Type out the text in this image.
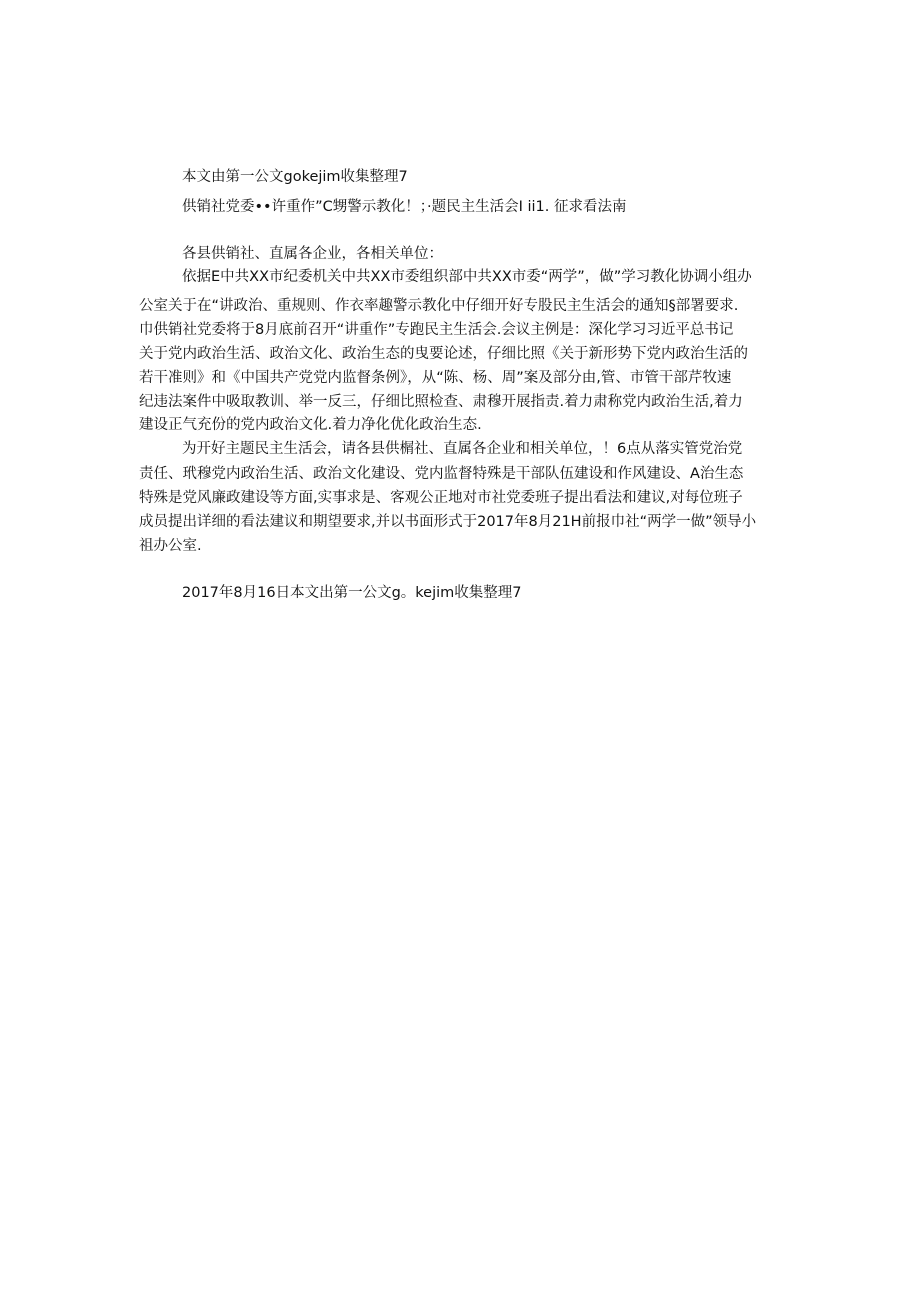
本文由第一公文gokejim收集整理7
供销社党委••许重作”C甥警示教化！；·题民主生活会I ii1. 征求看法南
各县供销社、直属各企业，各相关单位：
依据E中共XX市纪委机关中共XX市委组织部中共XX市委“两学”，做”学习教化协调小组办
公室关于在“讲政治、重规则、作衣率趣警示教化中仔细开好专股民主生活会的通知§部署要求.
巾供销社党委将于8月底前召开“讲重作”专跑民主生活会.会议主例是：深化学习习近平总书记
关于党内政治生活、政治文化、政治生态的曳要论述，仔细比照《关于新形势下党内政治生活的
若干准则》和《中国共产党党内监督条例》，从“陈、杨、周”案及部分由,管、市管干部芹牧速
纪违法案件中吸取教训、举一反三，仔细比照检查、肃穆开展指责.着力肃称党内政治生活,着力
建设正气充份的党内政治文化.着力净化优化政治生态.
为开好主题民主生活会，请各县供榍社、直属各企业和相关单位，！6点从落实管党治党
责任、玳穆党内政治生活、政治文化建设、党内监督特殊是干部队伍建设和作风建设、A治生态
特殊是党风廉政建设等方面,实事求是、客观公正地对市社党委班子提出看法和建议,对每位班子
成员提出详细的看法建议和期望要求,并以书面形式于2017年8月21H前报巾社“两学一做”领导小
祖办公室.
2017年8月16日本文出第一公文g。kejim收集整理7
